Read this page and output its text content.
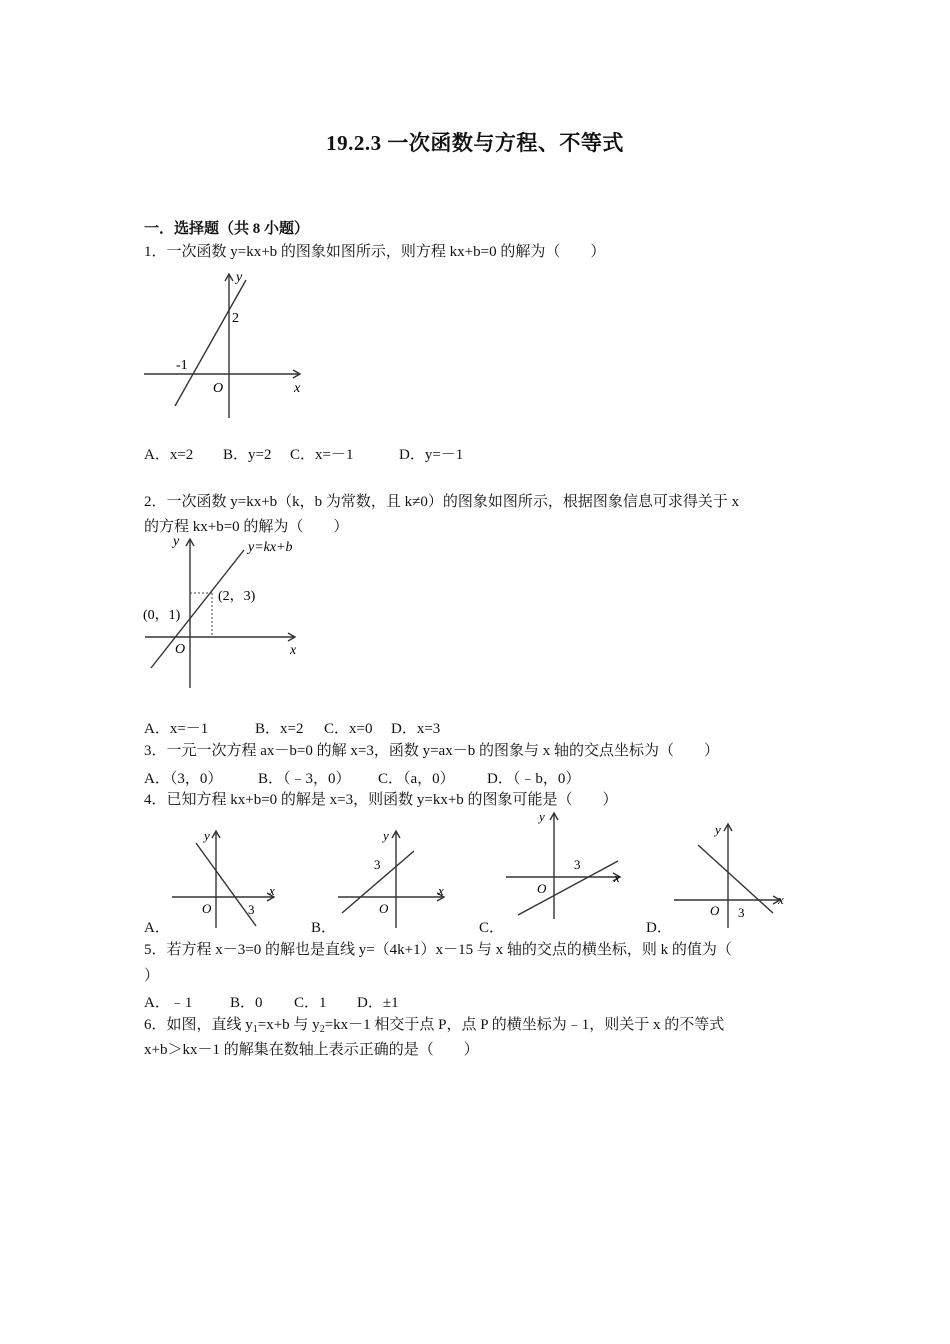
19.2.3 一次函数与方程、不等式
一．选择题（共 8 小题）
1．一次函数 y=kx+b 的图象如图所示，则方程 kx+b=0 的解为（　　）
y
x
O
2
-1
A．x=2 B．y=2 C．x=－1	D．y=－1
2．一次函数 y=kx+b（k，b 为常数，且 k≠0）的图象如图所示，根据图象信息可求得关于 x
的方程 kx+b=0 的解为（　　）
y
x
O
y=kx+b
(0，1)
(2，3)
A．x=－1	B．x=2 C．x=0 D．x=3
3．一元一次方程 ax－b=0 的解 x=3，函数 y=ax－b 的图象与 x 轴的交点坐标为（　　）
A．（3，0） B．（﹣3，0） C．（a，0） D．（﹣b，0）
4．已知方程 kx+b=0 的解是 x=3，则函数 y=kx+b 的图象可能是（　　）
A．
y
x
O	3
B．
y
x
O
3
C．
y
x
O
3
D．
y
x
O 3
5．若方程 x－3=0 的解也是直线 y=（4k+1）x－15 与 x 轴的交点的横坐标，则 k 的值为（
）
A．﹣1	B．0 C．1 D．±1
6．如图，直线 $y_1=x+b$ 与 $y_2=kx-1$ 相交于点 P，点 P 的横坐标为﹣1，则关于 x 的不等式
x+b＞kx－1 的解集在数轴上表示正确的是（　　）
